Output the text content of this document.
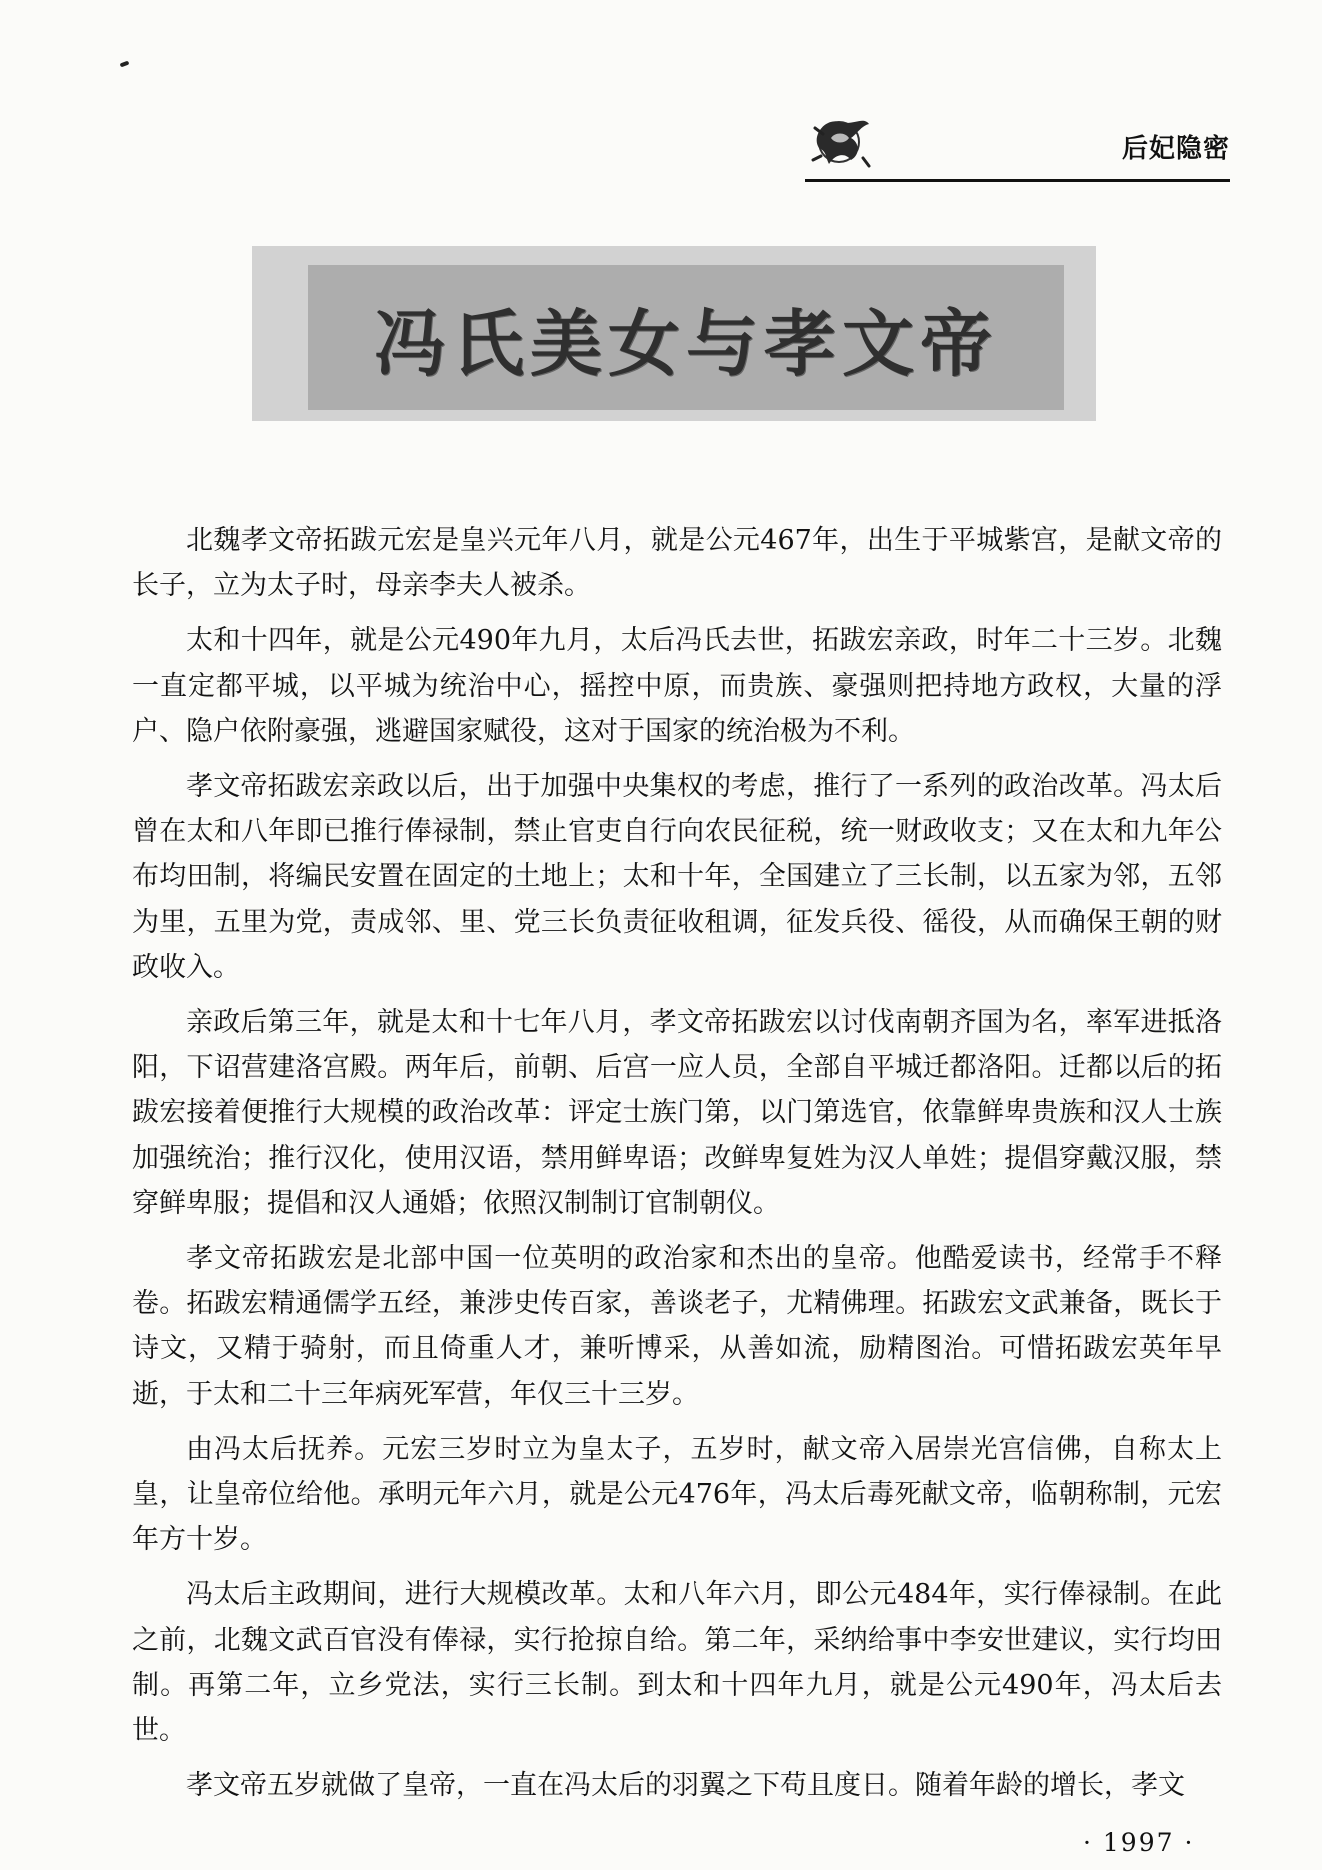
后妃隐密
冯氏美女与孝文帝

北魏孝文帝拓跋元宏是皇兴元年八月，就是公元467年，出生于平城紫宫，是献文帝的长子，立为太子时，母亲李夫人被杀。

太和十四年，就是公元490年九月，太后冯氏去世，拓跋宏亲政，时年二十三岁。北魏一直定都平城，以平城为统治中心，摇控中原，而贵族、豪强则把持地方政权，大量的浮户、隐户依附豪强，逃避国家赋役，这对于国家的统治极为不利。

孝文帝拓跋宏亲政以后，出于加强中央集权的考虑，推行了一系列的政治改革。冯太后曾在太和八年即已推行俸禄制，禁止官吏自行向农民征税，统一财政收支；又在太和九年公布均田制，将编民安置在固定的土地上；太和十年，全国建立了三长制，以五家为邻，五邻为里，五里为党，责成邻、里、党三长负责征收租调，征发兵役、徭役，从而确保王朝的财政收入。

亲政后第三年，就是太和十七年八月，孝文帝拓跋宏以讨伐南朝齐国为名，率军进抵洛阳，下诏营建洛宫殿。两年后，前朝、后宫一应人员，全部自平城迁都洛阳。迁都以后的拓跋宏接着便推行大规模的政治改革：评定士族门第，以门第选官，依靠鲜卑贵族和汉人士族加强统治；推行汉化，使用汉语，禁用鲜卑语；改鲜卑复姓为汉人单姓；提倡穿戴汉服，禁穿鲜卑服；提倡和汉人通婚；依照汉制制订官制朝仪。

孝文帝拓跋宏是北部中国一位英明的政治家和杰出的皇帝。他酷爱读书，经常手不释卷。拓跋宏精通儒学五经，兼涉史传百家，善谈老子，尤精佛理。拓跋宏文武兼备，既长于诗文，又精于骑射，而且倚重人才，兼听博采，从善如流，励精图治。可惜拓跋宏英年早逝，于太和二十三年病死军营，年仅三十三岁。

由冯太后抚养。元宏三岁时立为皇太子，五岁时，献文帝入居崇光宫信佛，自称太上皇，让皇帝位给他。承明元年六月，就是公元476年，冯太后毒死献文帝，临朝称制，元宏年方十岁。

冯太后主政期间，进行大规模改革。太和八年六月，即公元484年，实行俸禄制。在此之前，北魏文武百官没有俸禄，实行抢掠自给。第二年，采纳给事中李安世建议，实行均田制。再第二年，立乡党法，实行三长制。到太和十四年九月，就是公元490年，冯太后去世。

孝文帝五岁就做了皇帝，一直在冯太后的羽翼之下苟且度日。随着年龄的增长，孝文

· 1997 ·
